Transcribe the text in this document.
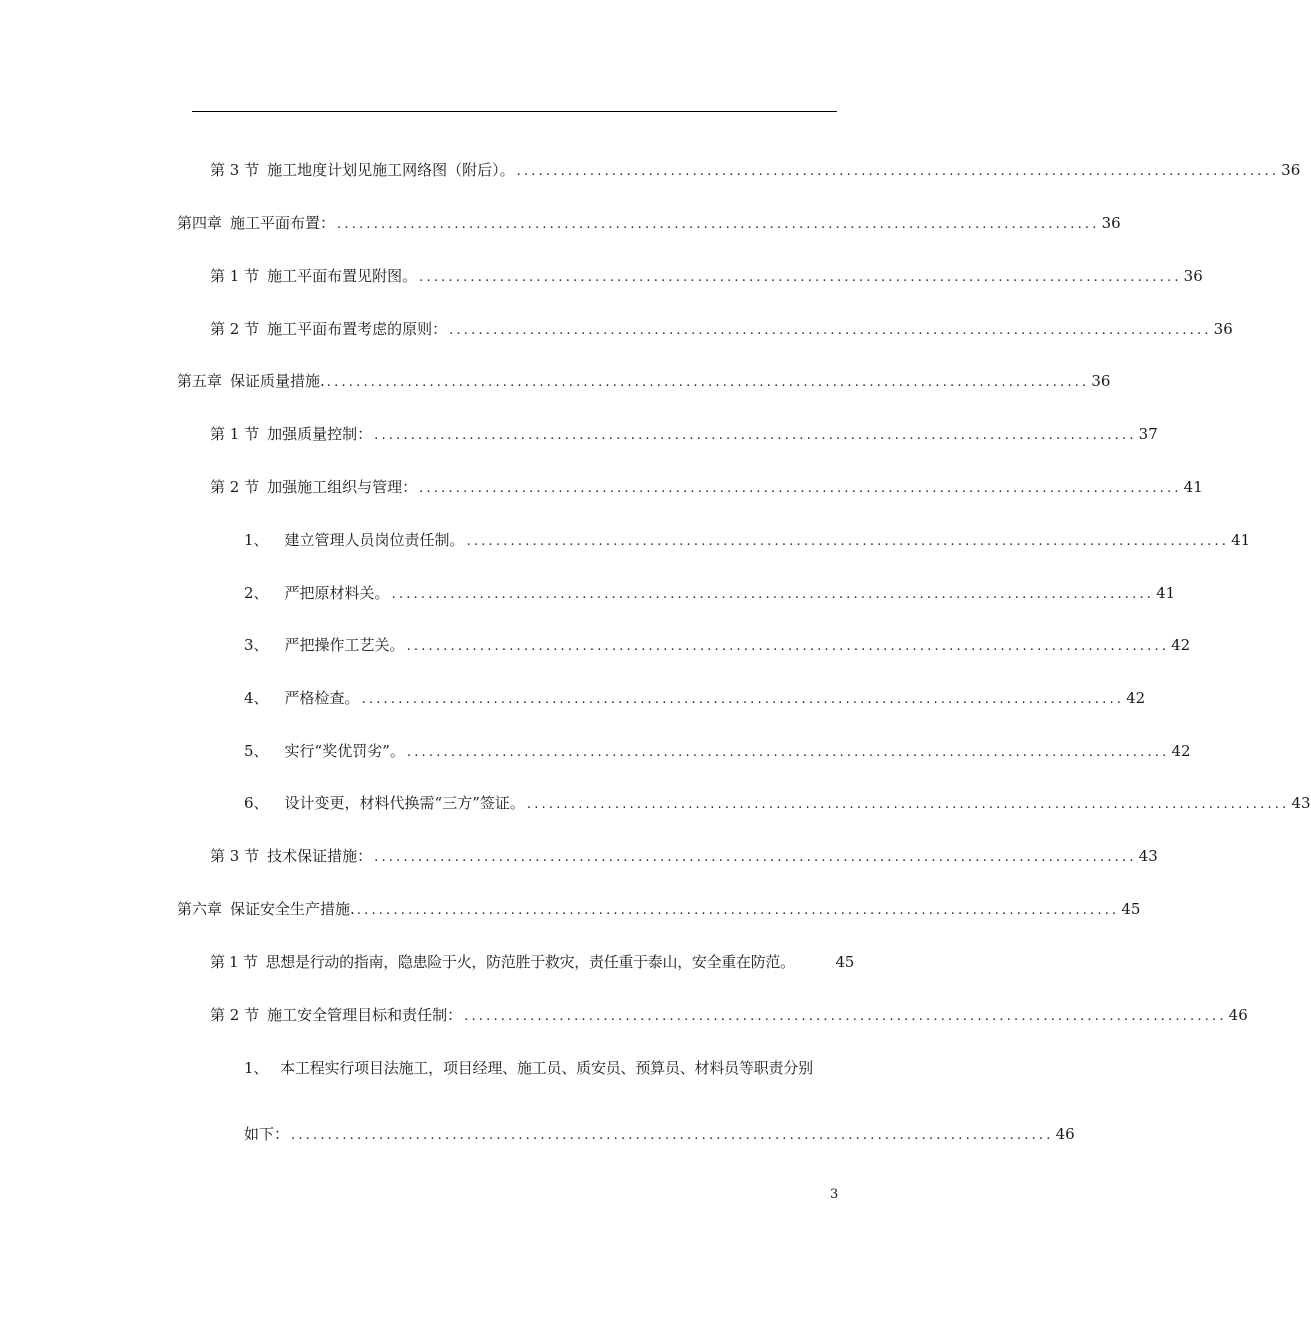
第 3 节 施工地度计划见施工网络图（附后）。 ........................................................................................................ 36
第四章 施工平面布置： ........................................................................................................ 36
第 1 节 施工平面布置见附图。 ........................................................................................................ 36
第 2 节 施工平面布置考虑的原则： ........................................................................................................ 36
第五章 保证质量措施. ........................................................................................................ 36
第 1 节 加强质量控制： ........................................................................................................ 37
第 2 节 加强施工组织与管理： ........................................................................................................ 41
1、 建立管理人员岗位责任制。 ........................................................................................................ 41
2、 严把原材料关。 ........................................................................................................ 41
3、 严把操作工艺关。 ........................................................................................................ 42
4、 严格检查。 ........................................................................................................ 42
5、 实行“奖优罚劣”。 ........................................................................................................ 42
6、 设计变更，材料代换需“三方”签证。 ........................................................................................................ 43
第 3 节 技术保证措施： ........................................................................................................ 43
第六章 保证安全生产措施. ........................................................................................................ 45
第 1 节 思想是行动的指南，隐患险于火，防范胜于救灾，责任重于泰山，安全重在防范。	45
第 2 节 施工安全管理目标和责任制： ........................................................................................................ 46
1、 本工程实行项目法施工，项目经理、施工员、质安员、预算员、材料员等职责分别
如下： ........................................................................................................ 46
3
